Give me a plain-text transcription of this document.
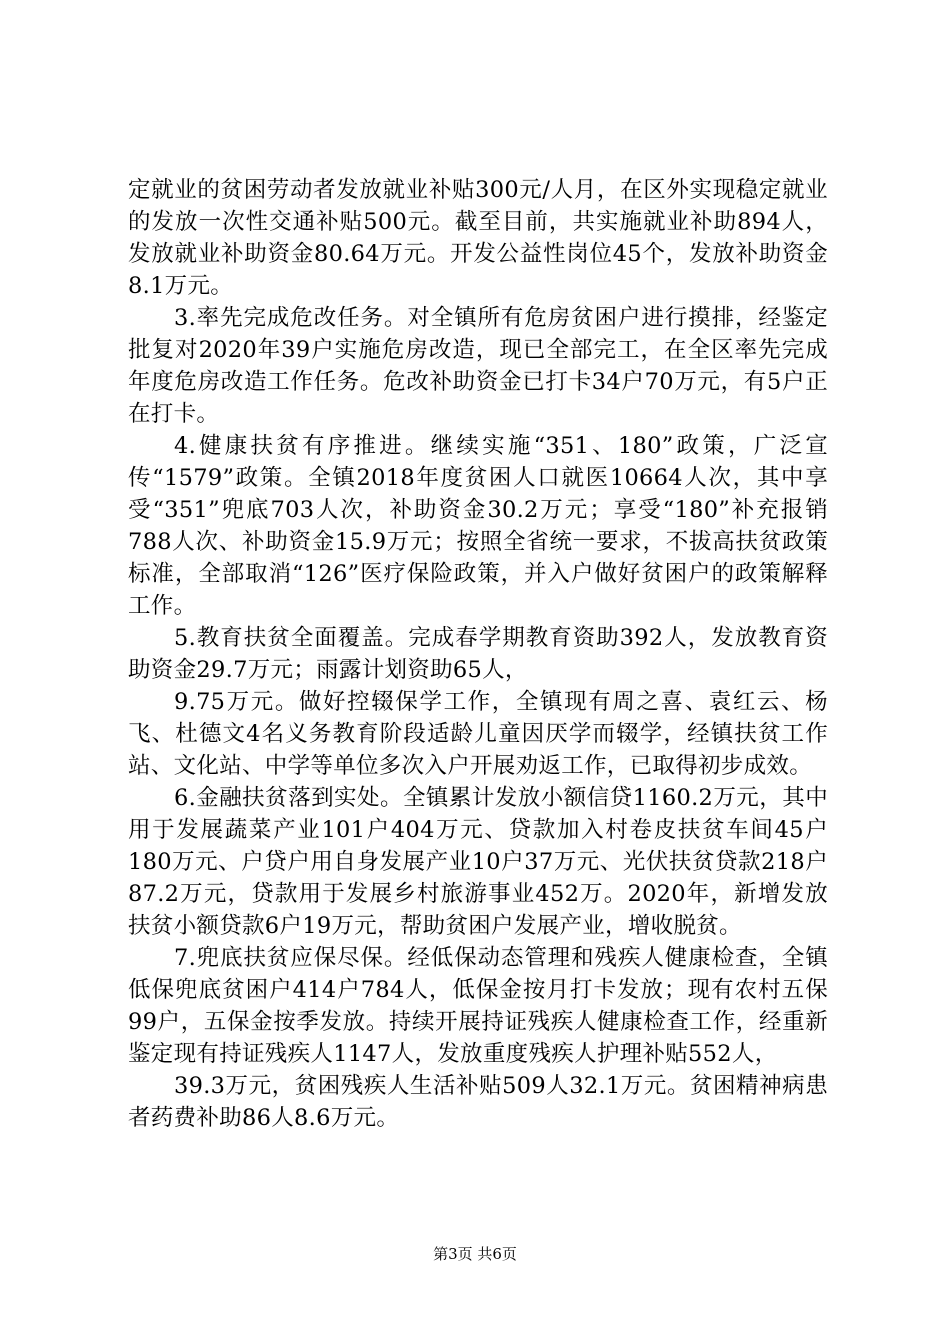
定就业的贫困劳动者发放就业补贴300元/人月，在区外实现稳定就业的发放一次性交通补贴500元。截至目前，共实施就业补助894人，发放就业补助资金80.64万元。开发公益性岗位45个，发放补助资金8.1万元。

3.率先完成危改任务。对全镇所有危房贫困户进行摸排，经鉴定批复对2020年39户实施危房改造，现已全部完工，在全区率先完成年度危房改造工作任务。危改补助资金已打卡34户70万元，有5户正在打卡。

4.健康扶贫有序推进。继续实施“351、180”政策，广泛宣传“1579”政策。全镇2018年度贫困人口就医10664人次，其中享受“351”兜底703人次，补助资金30.2万元；享受“180”补充报销788人次、补助资金15.9万元；按照全省统一要求，不拔高扶贫政策标准，全部取消“126”医疗保险政策，并入户做好贫困户的政策解释工作。

5.教育扶贫全面覆盖。完成春学期教育资助392人，发放教育资助资金29.7万元；雨露计划资助65人，

9.75万元。做好控辍保学工作，全镇现有周之喜、袁红云、杨飞、杜德文4名义务教育阶段适龄儿童因厌学而辍学，经镇扶贫工作站、文化站、中学等单位多次入户开展劝返工作，已取得初步成效。

6.金融扶贫落到实处。全镇累计发放小额信贷1160.2万元，其中用于发展蔬菜产业101户404万元、贷款加入村卷皮扶贫车间45户180万元、户贷户用自身发展产业10户37万元、光伏扶贫贷款218户87.2万元，贷款用于发展乡村旅游事业452万。2020年，新增发放扶贫小额贷款6户19万元，帮助贫困户发展产业，增收脱贫。

7.兜底扶贫应保尽保。经低保动态管理和残疾人健康检查，全镇低保兜底贫困户414户784人，低保金按月打卡发放；现有农村五保99户，五保金按季发放。持续开展持证残疾人健康检查工作，经重新鉴定现有持证残疾人1147人，发放重度残疾人护理补贴552人，

39.3万元，贫困残疾人生活补贴509人32.1万元。贫困精神病患者药费补助86人8.6万元。

第3页 共6页
